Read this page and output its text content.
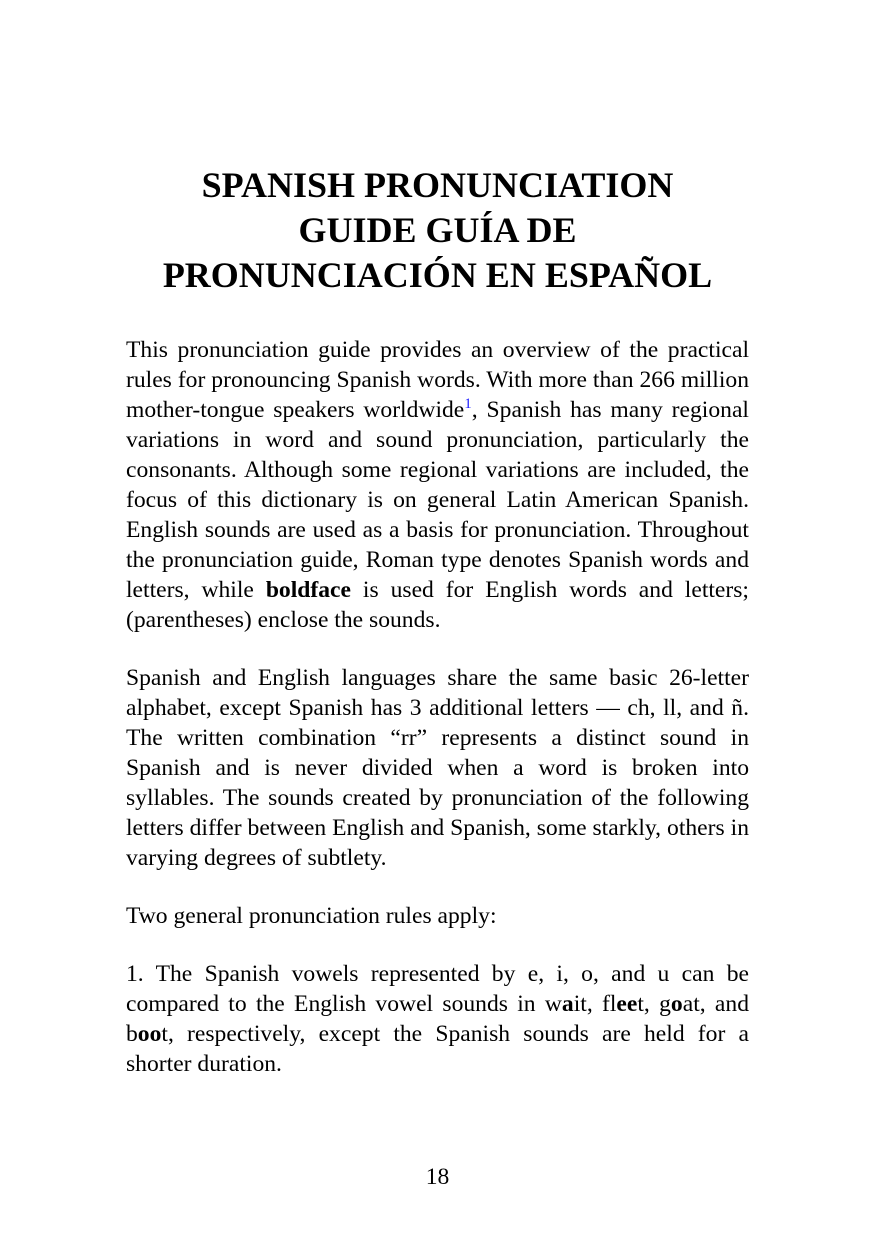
SPANISH PRONUNCIATION
GUIDE GUÍA DE
PRONUNCIACIÓN EN ESPAÑOL

This pronunciation guide provides an overview of the practical rules for pronouncing Spanish words. With more than 266 million mother-tongue speakers worldwide$^1$, Spanish has many regional variations in word and sound pronunciation, particularly the consonants. Although some regional variations are included, the focus of this dictionary is on general Latin American Spanish. English sounds are used as a basis for pronunciation. Throughout the pronunciation guide, Roman type denotes Spanish words and letters, while boldface is used for English words and letters; (parentheses) enclose the sounds.

Spanish and English languages share the same basic 26-letter alphabet, except Spanish has 3 additional letters — ch, ll, and ñ. The written combination “rr” represents a distinct sound in Spanish and is never divided when a word is broken into syllables. The sounds created by pronunciation of the following letters differ between English and Spanish, some starkly, others in varying degrees of subtlety.

Two general pronunciation rules apply:

1. The Spanish vowels represented by e, i, o, and u can be compared to the English vowel sounds in wait, fleet, goat, and boot, respectively, except the Spanish sounds are held for a shorter duration.

18
